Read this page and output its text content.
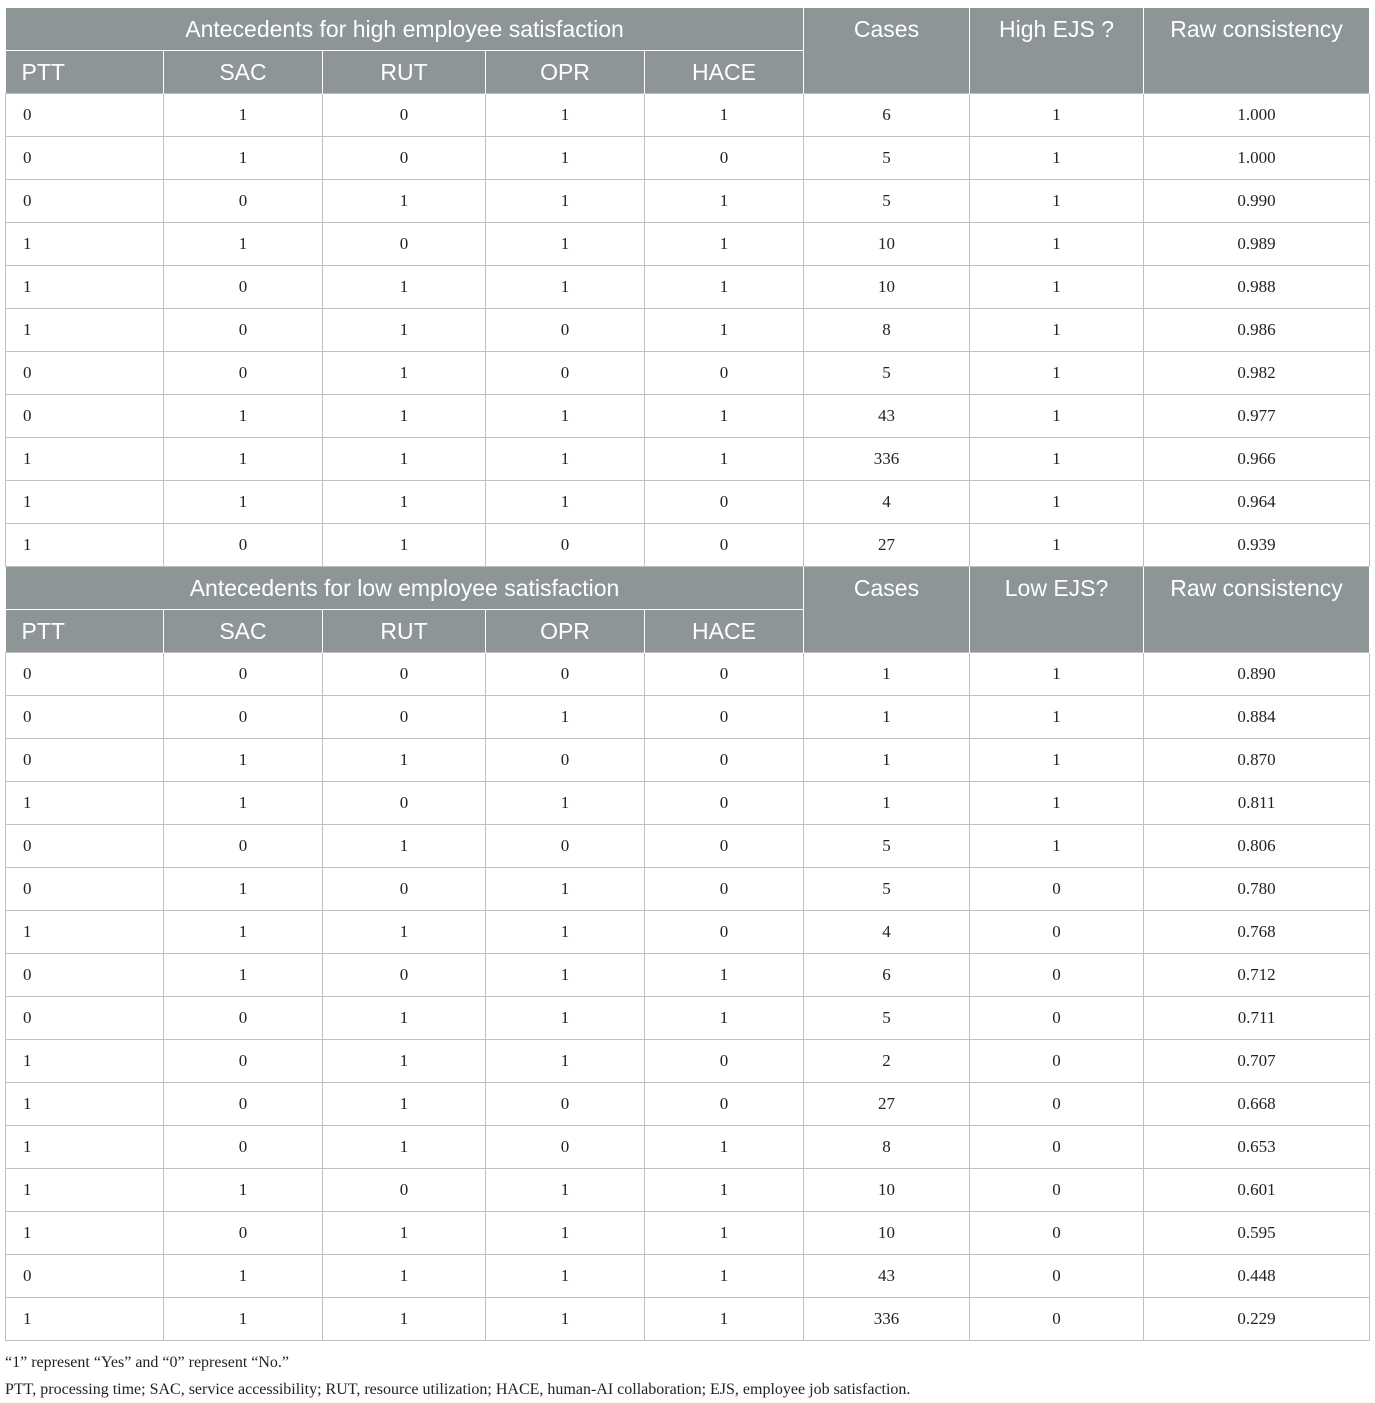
Antecedents for high employee satisfaction					Cases	High EJS ?	Raw consistency
PTT	SAC	RUT	OPR	HACE			
0	1	0	1	1	6	1	1.000
0	1	0	1	0	5	1	1.000
0	0	1	1	1	5	1	0.990
1	1	0	1	1	10	1	0.989
1	0	1	1	1	10	1	0.988
1	0	1	0	1	8	1	0.986
0	0	1	0	0	5	1	0.982
0	1	1	1	1	43	1	0.977
1	1	1	1	1	336	1	0.966
1	1	1	1	0	4	1	0.964
1	0	1	0	0	27	1	0.939
Antecedents for low employee satisfaction					Cases	Low EJS?	Raw consistency
PTT	SAC	RUT	OPR	HACE			
0	0	0	0	0	1	1	0.890
0	0	0	1	0	1	1	0.884
0	1	1	0	0	1	1	0.870
1	1	0	1	0	1	1	0.811
0	0	1	0	0	5	1	0.806
0	1	0	1	0	5	0	0.780
1	1	1	1	0	4	0	0.768
0	1	0	1	1	6	0	0.712
0	0	1	1	1	5	0	0.711
1	0	1	1	0	2	0	0.707
1	0	1	0	0	27	0	0.668
1	0	1	0	1	8	0	0.653
1	1	0	1	1	10	0	0.601
1	0	1	1	1	10	0	0.595
0	1	1	1	1	43	0	0.448
1	1	1	1	1	336	0	0.229
“1” represent “Yes” and “0” represent “No.”
PTT, processing time; SAC, service accessibility; RUT, resource utilization; HACE, human-AI collaboration; EJS, employee job satisfaction.
